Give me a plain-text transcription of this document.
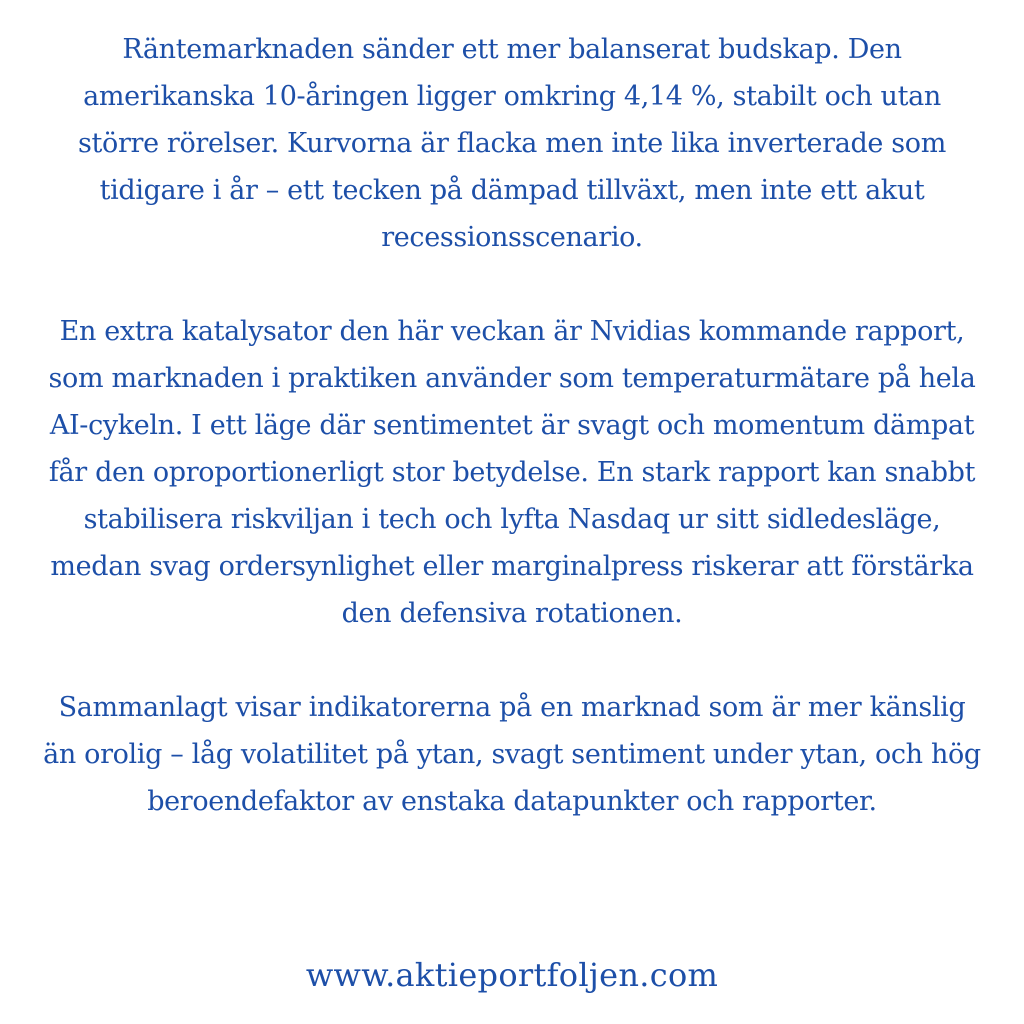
Räntemarknaden sänder ett mer balanserat budskap. Den amerikanska 10-åringen ligger omkring 4,14 %, stabilt och utan större rörelser. Kurvorna är flacka men inte lika inverterade som tidigare i år – ett tecken på dämpad tillväxt, men inte ett akut recessionsscenario.

En extra katalysator den här veckan är Nvidias kommande rapport, som marknaden i praktiken använder som temperaturmätare på hela AI-cykeln. I ett läge där sentimentet är svagt och momentum dämpat får den oproportionerligt stor betydelse. En stark rapport kan snabbt stabilisera riskviljan i tech och lyfta Nasdaq ur sitt sidledesläge, medan svag ordersynlighet eller marginalpress riskerar att förstärka den defensiva rotationen.

Sammanlagt visar indikatorerna på en marknad som är mer känslig än orolig – låg volatilitet på ytan, svagt sentiment under ytan, och hög beroendefaktor av enstaka datapunkter och rapporter.

www.aktieportfoljen.com
